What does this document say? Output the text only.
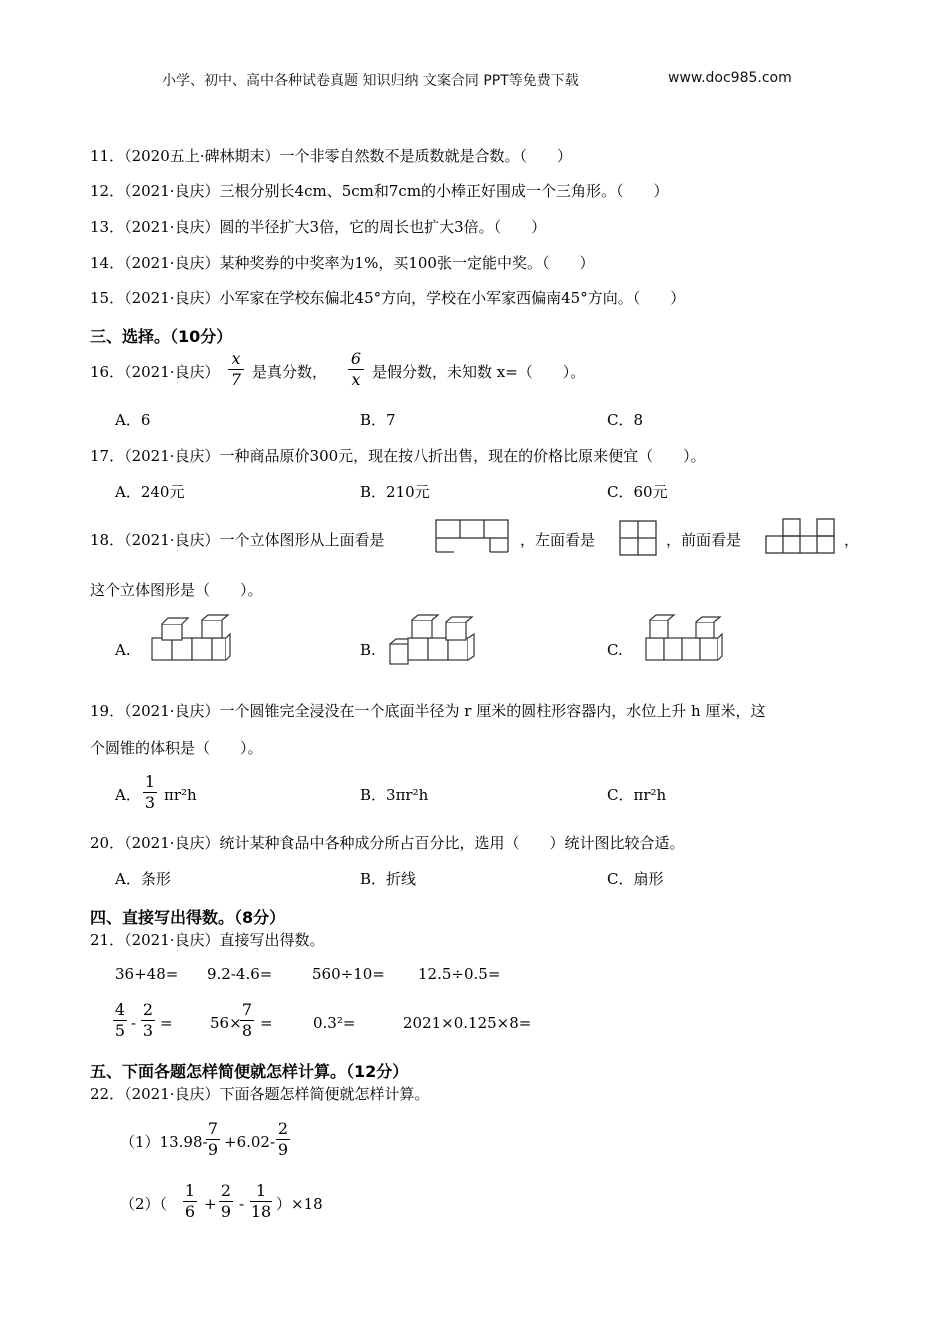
小学、初中、高中各种试卷真题 知识归纳 文案合同 PPT等免费下载	www.doc985.com
11．（2020五上·碑林期末）一个非零自然数不是质数就是合数。（　　）
12．（2021·良庆）三根分别长4cm、5cm和7cm的小棒正好围成一个三角形。（　　）
13．（2021·良庆）圆的半径扩大3倍，它的周长也扩大3倍。（　　）
14．（2021·良庆）某种奖券的中奖率为1%，买100张一定能中奖。（　　）
15．（2021·良庆）小军家在学校东偏北45°方向，学校在小军家西偏南45°方向。（　　）
三、选择。（10分）
16．（2021·良庆）
x
7 是真分数，
6
x 是假分数，未知数 x=（　　）。
A．6	B．7	C．8
17．（2021·良庆）一种商品原价300元，现在按八折出售，现在的价格比原来便宜（　　）。
A．240元	B．210元	C．60元
18．（2021·良庆）一个立体图形从上面看是	，左面看是	，前面看是	，
这个立体图形是（　　）。
A.	B.	C.
19．（2021·良庆）一个圆锥完全浸没在一个底面半径为 r 厘米的圆柱形容器内，水位上升 h 厘米，这
个圆锥的体积是（　　）。
A．
1
3 πr²h	B．3πr²h	C．πr²h
20．（2021·良庆）统计某种食品中各种成分所占百分比，选用（　　）统计图比较合适。
A．条形	B．折线	C．扇形
四、直接写出得数。（8分）
21．（2021·良庆）直接写出得数。
36+48= 9.2-4.6=	560÷10= 12.5÷0.5=
4
5 -
2
3 = 56×
7
8 =	0.3²=	2021×0.125×8=
五、下面各题怎样简便就怎样计算。（12分）
22．（2021·良庆）下面各题怎样简便就怎样计算。
（1）13.98-
7
9 +6.02-
2
9
（2）（
1
6 +
2
9 -
1
18 ）×18
